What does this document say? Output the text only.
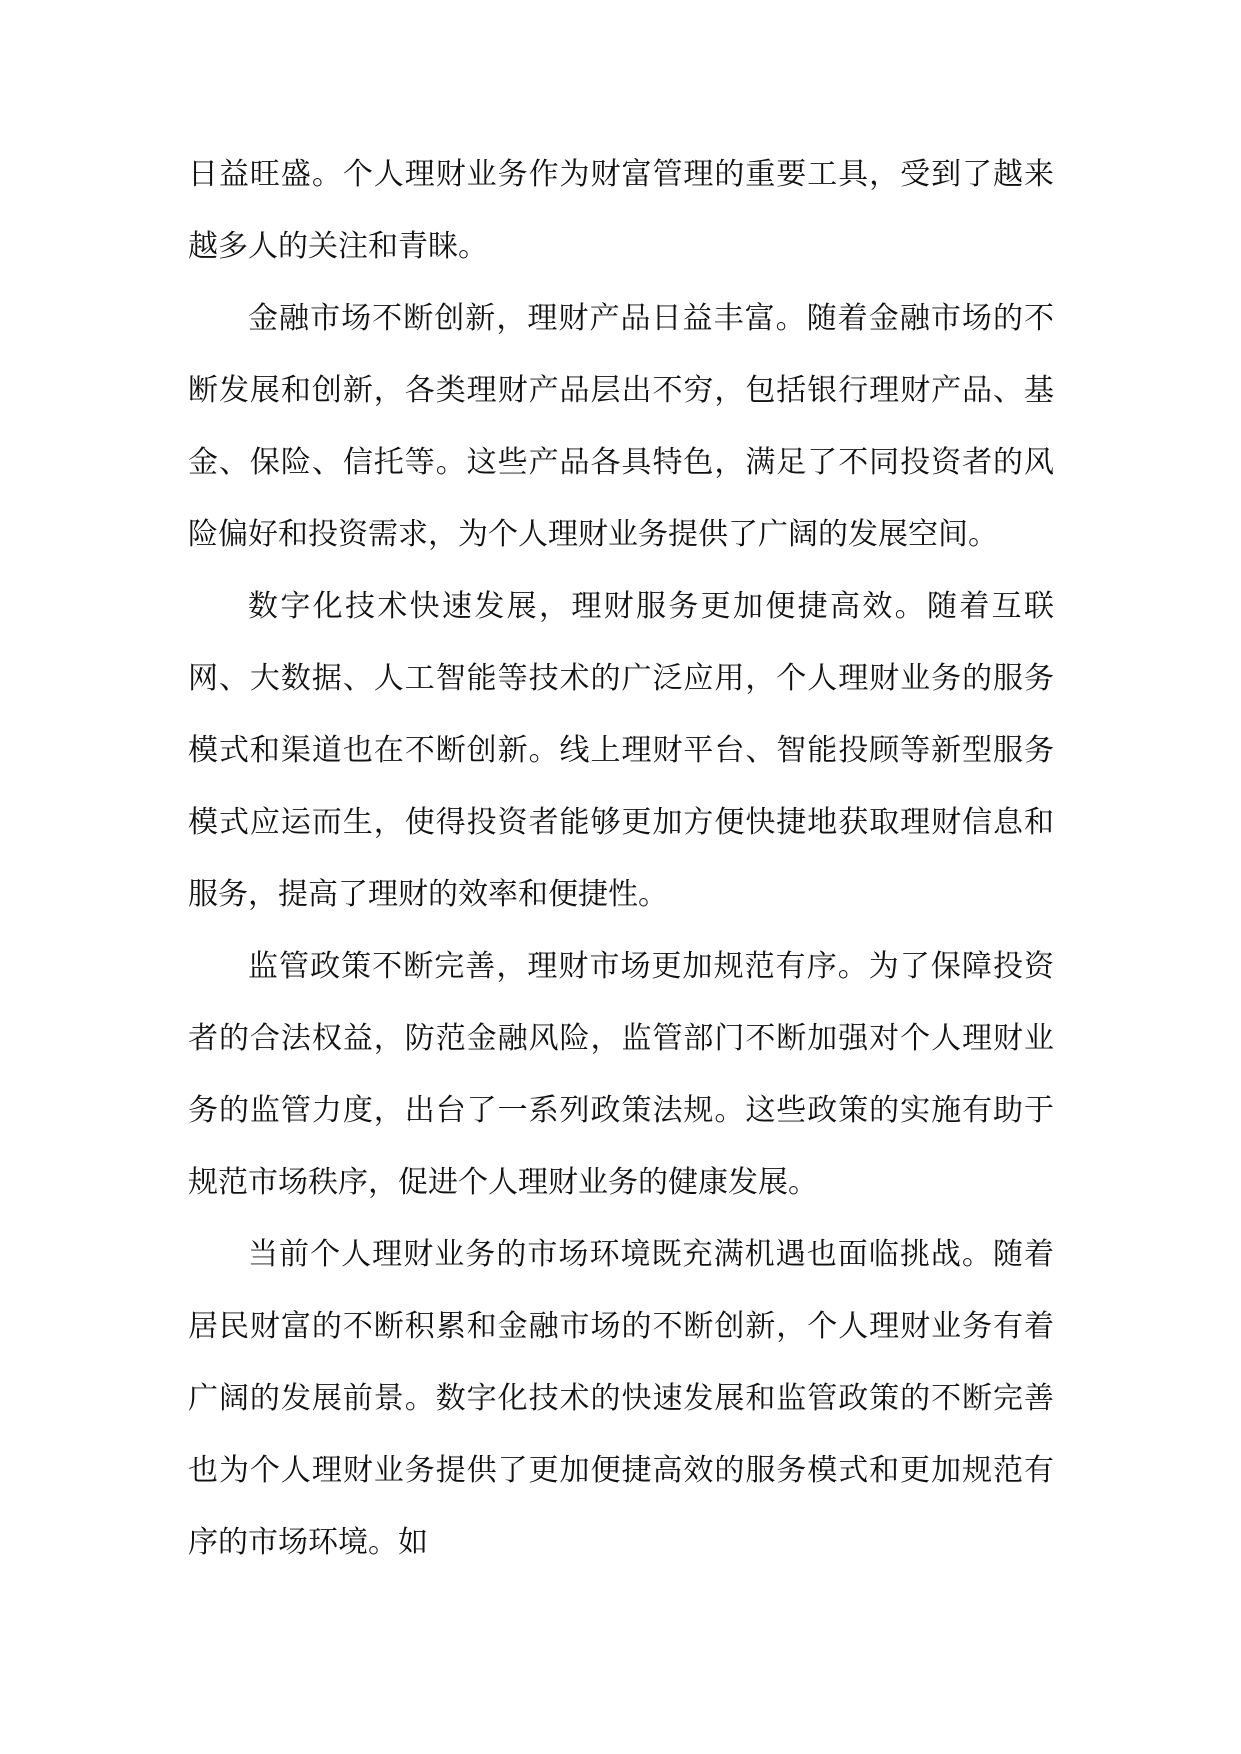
日益旺盛。个人理财业务作为财富管理的重要工具，受到了越来越多人的关注和青睐。

金融市场不断创新，理财产品日益丰富。随着金融市场的不断发展和创新，各类理财产品层出不穷，包括银行理财产品、基金、保险、信托等。这些产品各具特色，满足了不同投资者的风险偏好和投资需求，为个人理财业务提供了广阔的发展空间。

数字化技术快速发展，理财服务更加便捷高效。随着互联网、大数据、人工智能等技术的广泛应用，个人理财业务的服务模式和渠道也在不断创新。线上理财平台、智能投顾等新型服务模式应运而生，使得投资者能够更加方便快捷地获取理财信息和服务，提高了理财的效率和便捷性。

监管政策不断完善，理财市场更加规范有序。为了保障投资者的合法权益，防范金融风险，监管部门不断加强对个人理财业务的监管力度，出台了一系列政策法规。这些政策的实施有助于规范市场秩序，促进个人理财业务的健康发展。

当前个人理财业务的市场环境既充满机遇也面临挑战。随着居民财富的不断积累和金融市场的不断创新，个人理财业务有着广阔的发展前景。数字化技术的快速发展和监管政策的不断完善也为个人理财业务提供了更加便捷高效的服务模式和更加规范有序的市场环境。如
